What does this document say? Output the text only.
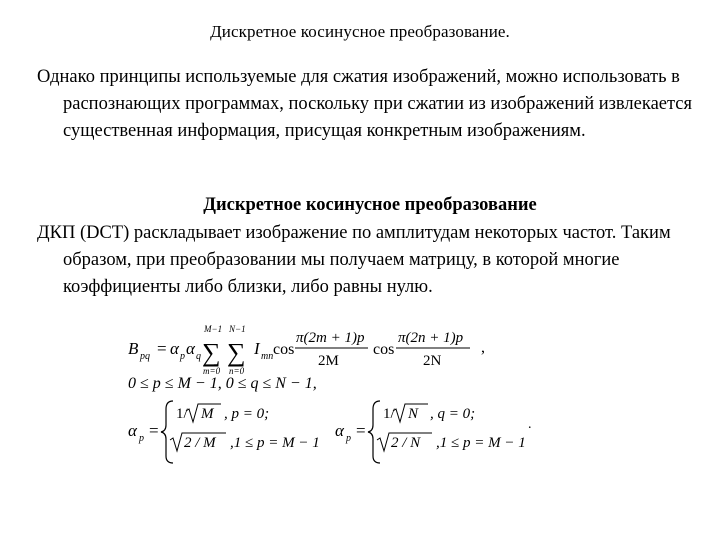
Дискретное косинусное преобразование.

Однако принципы используемые для сжатия изображений, можно использовать в распознающих программах, поскольку при сжатии из изображений извлекается существенная информация, присущая конкретным изображениям.

Дискретное косинусное преобразование

ДКП (DCT) раскладывает изображение по амплитудам некоторых частот. Таким образом, при преобразовании мы получаем матрицу, в которой многие коэффициенты либо близки, либо равны нулю.

B pq = α p α q
M−1
∑
m=0
N−1
∑
n=0
I mn cos
π(2m + 1)p
2M
cos
π(2n + 1)p
2N
,
0 ≤ p ≤ M − 1, 0 ≤ q ≤ N − 1,
α p =
1/ M , p = 0;
2 / M ,1 ≤ p = M − 1
α p =
1/ N , q = 0;
2 / N ,1 ≤ p = M − 1
.
